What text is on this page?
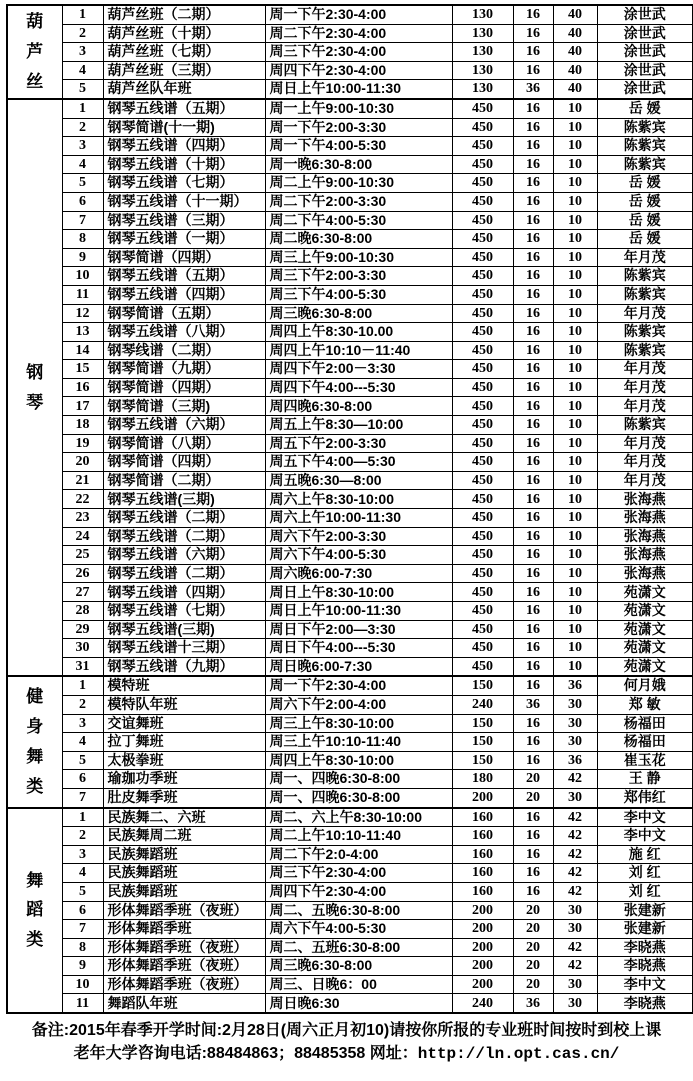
葫
芦
丝	1	葫芦丝班（二期）	周一下午2:30-4:00	130	16	40	涂世武
	2	葫芦丝班（十期）	周二下午2:30-4:00	130	16	40	涂世武
	3	葫芦丝班（七期）	周三下午2:30-4:00	130	16	40	涂世武
	4	葫芦丝班（三期）	周四下午2:30-4:00	130	16	40	涂世武
	5	葫芦丝队年班	周日上午10:00-11:30	130	36	40	涂世武

钢
琴	1	钢琴五线谱（五期）	周一上午9:00-10:30	450	16	10	岳 媛
	2	钢琴简谱(十一期)	周一下午2:00-3:30	450	16	10	陈紫宾
	3	钢琴五线谱（四期）	周一下午4:00-5:30	450	16	10	陈紫宾
	4	钢琴五线谱（十期）	周一晚6:30-8:00	450	16	10	陈紫宾
	5	钢琴五线谱（七期）	周二上午9:00-10:30	450	16	10	岳 媛
	6	钢琴五线谱（十一期）	周二下午2:00-3:30	450	16	10	岳 媛
	7	钢琴五线谱（三期）	周二下午4:00-5:30	450	16	10	岳 媛
	8	钢琴五线谱（一期）	周二晚6:30-8:00	450	16	10	岳 媛
	9	钢琴简谱（四期）	周三上午9:00-10:30	450	16	10	年月茂
	10	钢琴五线谱（五期）	周三下午2:00-3:30	450	16	10	陈紫宾
	11	钢琴五线谱（四期）	周三下午4:00-5:30	450	16	10	陈紫宾
	12	钢琴简谱（五期）	周三晚6:30-8:00	450	16	10	年月茂
	13	钢琴五线谱（八期）	周四上午8:30-10.00	450	16	10	陈紫宾
	14	钢琴线谱（二期）	周四上午10:10－11:40	450	16	10	陈紫宾
	15	钢琴简谱（九期）	周四下午2:00－3:30	450	16	10	年月茂
	16	钢琴简谱（四期）	周四下午4:00---5:30	450	16	10	年月茂
	17	钢琴简谱（三期)	周四晚6:30-8:00	450	16	10	年月茂
	18	钢琴五线谱（六期）	周五上午8:30—10:00	450	16	10	陈紫宾
	19	钢琴简谱（八期）	周五下午2:00-3:30	450	16	10	年月茂
	20	钢琴简谱（四期）	周五下午4:00—5:30	450	16	10	年月茂
	21	钢琴简谱（二期）	周五晚6:30—8:00	450	16	10	年月茂
	22	钢琴五线谱(三期)	周六上午8:30-10:00	450	16	10	张海燕
	23	钢琴五线谱（二期）	周六上午10:00-11:30	450	16	10	张海燕
	24	钢琴五线谱（二期）	周六下午2:00-3:30	450	16	10	张海燕
	25	钢琴五线谱（六期）	周六下午4:00-5:30	450	16	10	张海燕
	26	钢琴五线谱（二期）	周六晚6:00-7:30	450	16	10	张海燕
	27	钢琴五线谱（四期）	周日上午8:30-10:00	450	16	10	苑潇文
	28	钢琴五线谱（七期）	周日上午10:00-11:30	450	16	10	苑潇文
	29	钢琴五线谱(三期)	周日下午2:00—3:30	450	16	10	苑潇文
	30	钢琴五线谱十三期）	周日下午4:00---5:30	450	16	10	苑潇文
	31	钢琴五线谱（九期）	周日晚6:00-7:30	450	16	10	苑潇文

健
身
舞
类	1	模特班	周一下午2:30-4:00	150	16	36	何月娥
	2	模特队年班	周六下午2:00-4:00	240	36	30	郑 敏
	3	交谊舞班	周三上午8:30-10:00	150	16	30	杨福田
	4	拉丁舞班	周三上午10:10-11:40	150	16	30	杨福田
	5	太极拳班	周四上午8:30-10:00	150	16	36	崔玉花
	6	瑜珈功季班	周一、四晚6:30-8:00	180	20	42	王 静
	7	肚皮舞季班	周一、四晚6:30-8:00	200	20	30	郑伟红

舞
蹈
类	1	民族舞二、六班	周二、六上午8:30-10:00	160	16	42	李中文
	2	民族舞周二班	周二上午10:10-11:40	160	16	42	李中文
	3	民族舞蹈班	周二下午2:0-4:00	160	16	42	施 红
	4	民族舞蹈班	周三下午2:30-4:00	160	16	42	刘 红
	5	民族舞蹈班	周四下午2:30-4:00	160	16	42	刘 红
	6	形体舞蹈季班（夜班）	周二、五晚6:30-8:00	200	20	30	张建新
	7	形体舞蹈季班	周六下午4:00-5:30	200	20	30	张建新
	8	形体舞蹈季班（夜班）	周二、五班6:30-8:00	200	20	42	李晓燕
	9	形体舞蹈季班（夜班）	周三晚6:30-8:00	200	20	42	李晓燕
	10	形体舞蹈季班（夜班）	周三、日晚6：00	200	20	30	李中文
	11	舞蹈队年班	周日晚6:30	240	36	30	李晓燕
备注:2015年春季开学时间:2月28日(周六正月初10)请按你所报的专业班时间按时到校上课
老年大学咨询电话:88484863；88485358 网址：http://ln.opt.cas.cn/
